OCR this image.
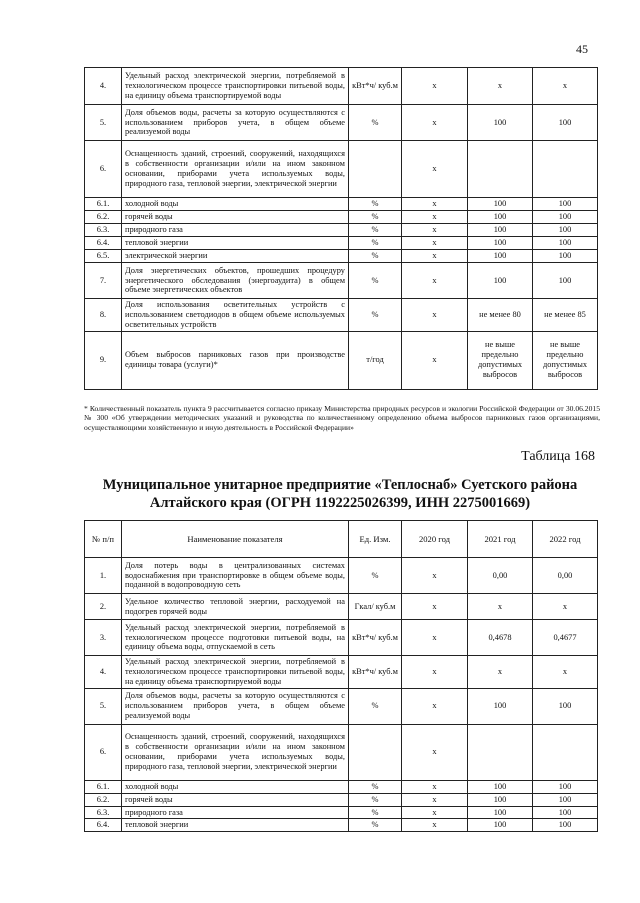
45
4.	Удельный расход электрической энергии, потребляемой в технологическом процессе транспортировки питьевой воды, на единицу объема транспортируемой воды	кВт*ч/ куб.м	x	x	x
5.	Доля объемов воды, расчеты за которую осуществляются с использованием приборов учета, в общем объеме реализуемой воды	%	x	100	100
6.	Оснащенность зданий, строений, сооружений, находящихся в собственности организации и/или на ином законном основании, приборами учета используемых воды, природного газа, тепловой энергии, электрической энергии		x		
6.1.	холодной воды	%	x	100	100
6.2.	горячей воды	%	x	100	100
6.3.	природного газа	%	x	100	100
6.4.	тепловой энергии	%	x	100	100
6.5.	электрической энергии	%	x	100	100
7.	Доля энергетических объектов, прошедших процедуру энергетического обследования (энергоаудита) в общем объеме энергетических объектов	%	x	100	100
8.	Доля использования осветительных устройств с использованием светодиодов в общем объеме используемых осветительных устройств	%	x	не менее 80	не менее 85
9.	Объем выбросов парниковых газов при производстве единицы товара (услуги)*	т/год	x	не выше предельно допустимых выбросов	не выше предельно допустимых выбросов
* Количественный показатель пункта 9 рассчитывается согласно приказу Министерства природных ресурсов и экологии Российской Федерации от 30.06.2015 № 300 «Об утверждении методических указаний и руководства по количественному определению объема выбросов парниковых газов организациями, осуществляющими хозяйственную и иную деятельность в Российской Федерации»
Таблица 168
Муниципальное унитарное предприятие «Теплоснаб» Суетского района Алтайского края (ОГРН 1192225026399, ИНН 2275001669)
№ п/п	Наименование показателя	Ед. Изм.	2020 год	2021 год	2022 год
1.	Доля потерь воды в централизованных системах водоснабжения при транспортировке в общем объеме воды, поданной в водопроводную сеть	%	x	0,00	0,00
2.	Удельное количество тепловой энергии, расходуемой на подогрев горячей воды	Гкал/ куб.м	x	x	x
3.	Удельный расход электрической энергии, потребляемой в технологическом процессе подготовки питьевой воды, на единицу объема воды, отпускаемой в сеть	кВт*ч/ куб.м	x	0,4678	0,4677
4.	Удельный расход электрической энергии, потребляемой в технологическом процессе транспортировки питьевой воды, на единицу объема транспортируемой воды	кВт*ч/ куб.м	x	x	x
5.	Доля объемов воды, расчеты за которую осуществляются с использованием приборов учета, в общем объеме реализуемой воды	%	x	100	100
6.	Оснащенность зданий, строений, сооружений, находящихся в собственности организации и/или на ином законном основании, приборами учета используемых воды, природного газа, тепловой энергии, электрической энергии		x		
6.1.	холодной воды	%	x	100	100
6.2.	горячей воды	%	x	100	100
6.3.	природного газа	%	x	100	100
6.4.	тепловой энергии	%	x	100	100
